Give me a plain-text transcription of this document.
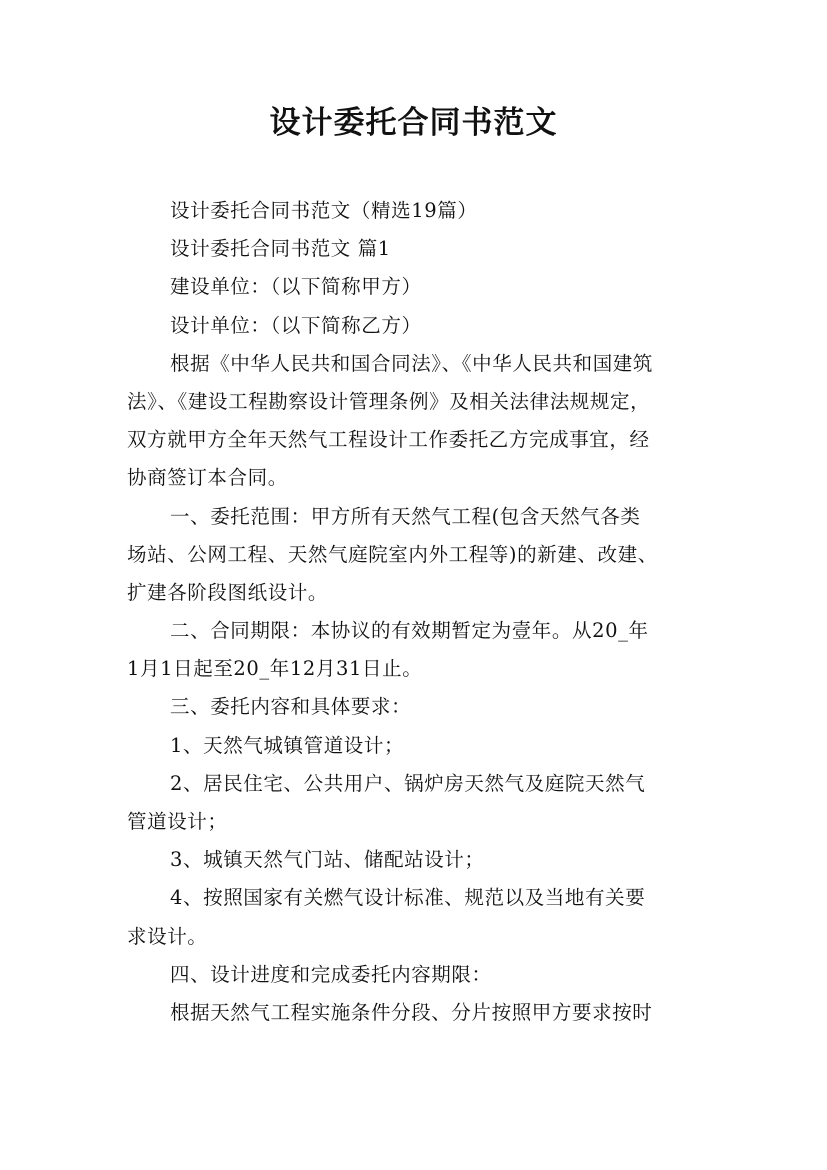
设计委托合同书范文
设计委托合同书范文（精选19篇）
设计委托合同书范文 篇1
建设单位：（以下简称甲方）
设计单位：（以下简称乙方）
根据《中华人民共和国合同法》、《中华人民共和国建筑
法》、《建设工程勘察设计管理条例》及相关法律法规规定，
双方就甲方全年天然气工程设计工作委托乙方完成事宜，经
协商签订本合同。
一、委托范围：甲方所有天然气工程(包含天然气各类
场站、公网工程、天然气庭院室内外工程等)的新建、改建、
扩建各阶段图纸设计。
二、合同期限：本协议的有效期暂定为壹年。从20_年
1月1日起至20_年12月31日止。
三、委托内容和具体要求：
1、天然气城镇管道设计；
2、居民住宅、公共用户、锅炉房天然气及庭院天然气
管道设计；
3、城镇天然气门站、储配站设计；
4、按照国家有关燃气设计标准、规范以及当地有关要
求设计。
四、设计进度和完成委托内容期限：
根据天然气工程实施条件分段、分片按照甲方要求按时
